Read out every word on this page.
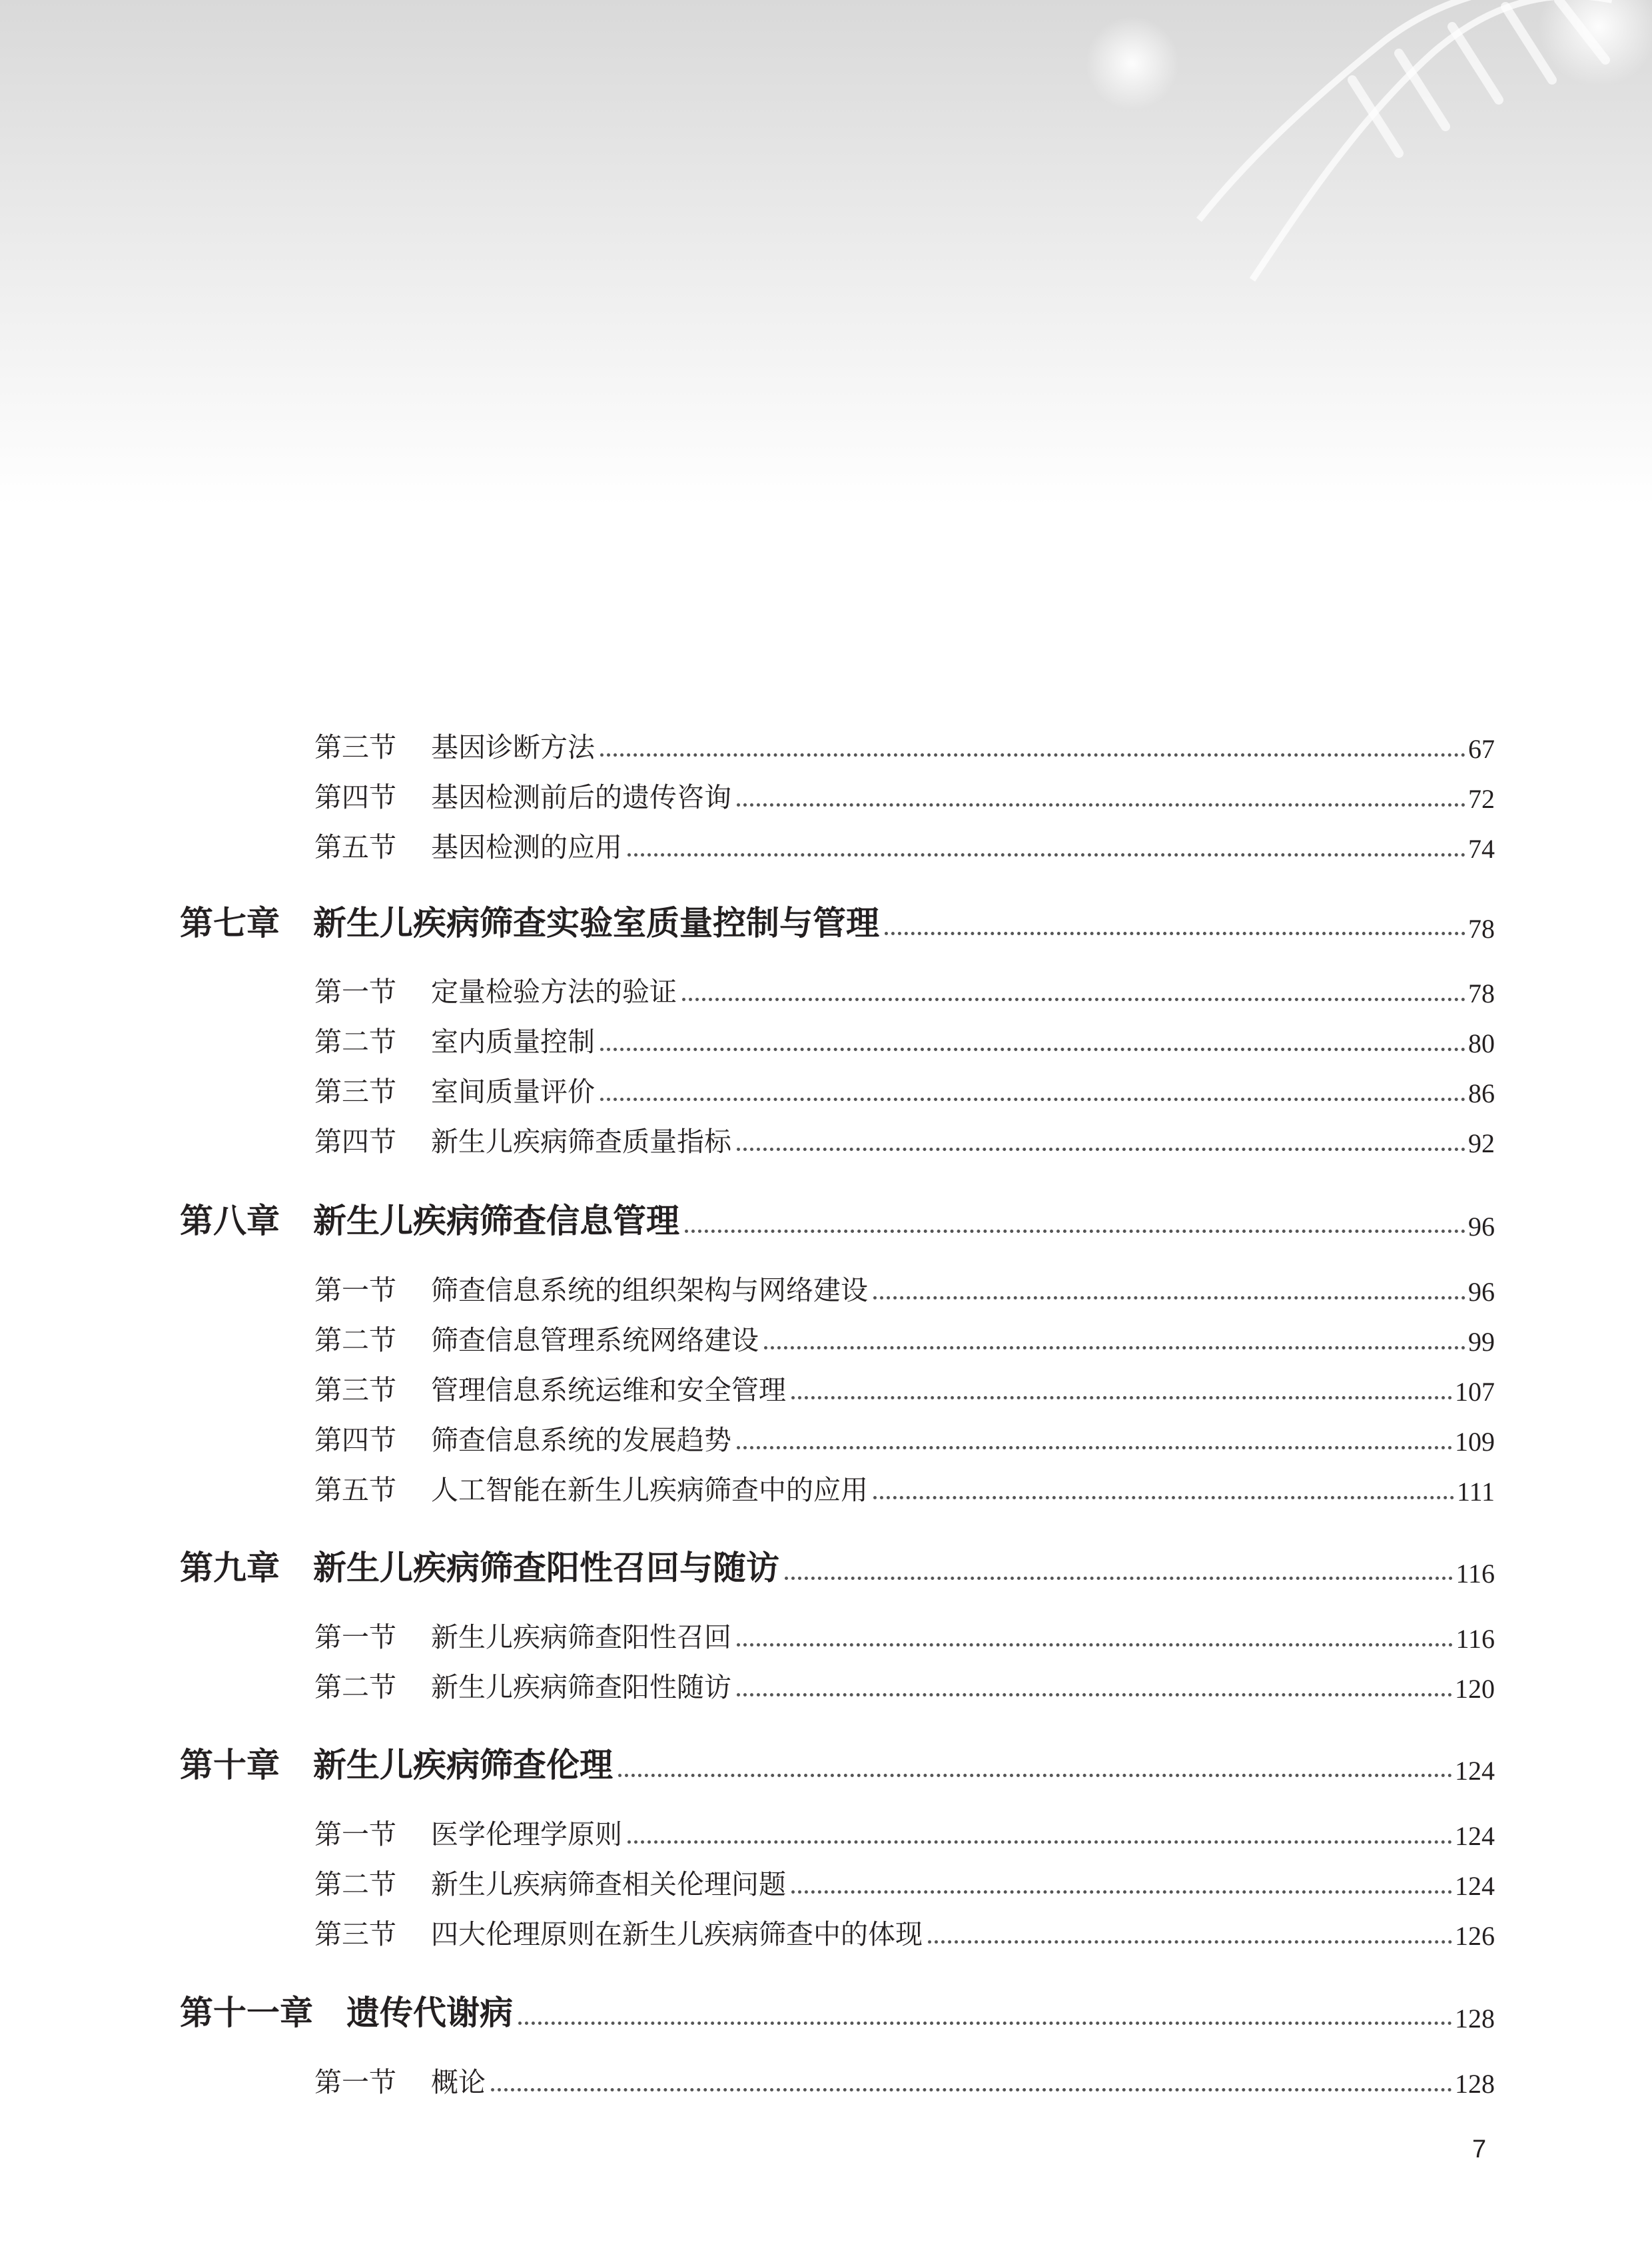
第三节	基因诊断方法	67
第四节	基因检测前后的遗传咨询	72
第五节	基因检测的应用	74
第七章 新生儿疾病筛查实验室质量控制与管理	78
第一节	定量检验方法的验证	78
第二节	室内质量控制	80
第三节	室间质量评价	86
第四节	新生儿疾病筛查质量指标	92
第八章 新生儿疾病筛查信息管理	96
第一节	筛查信息系统的组织架构与网络建设	96
第二节	筛查信息管理系统网络建设	99
第三节	管理信息系统运维和安全管理	107
第四节	筛查信息系统的发展趋势	109
第五节	人工智能在新生儿疾病筛查中的应用	111
第九章 新生儿疾病筛查阳性召回与随访	116
第一节	新生儿疾病筛查阳性召回	116
第二节	新生儿疾病筛查阳性随访	120
第十章 新生儿疾病筛查伦理	124
第一节	医学伦理学原则	124
第二节	新生儿疾病筛查相关伦理问题	124
第三节	四大伦理原则在新生儿疾病筛查中的体现	126
第十一章 遗传代谢病	128
第一节	概论	128
7
